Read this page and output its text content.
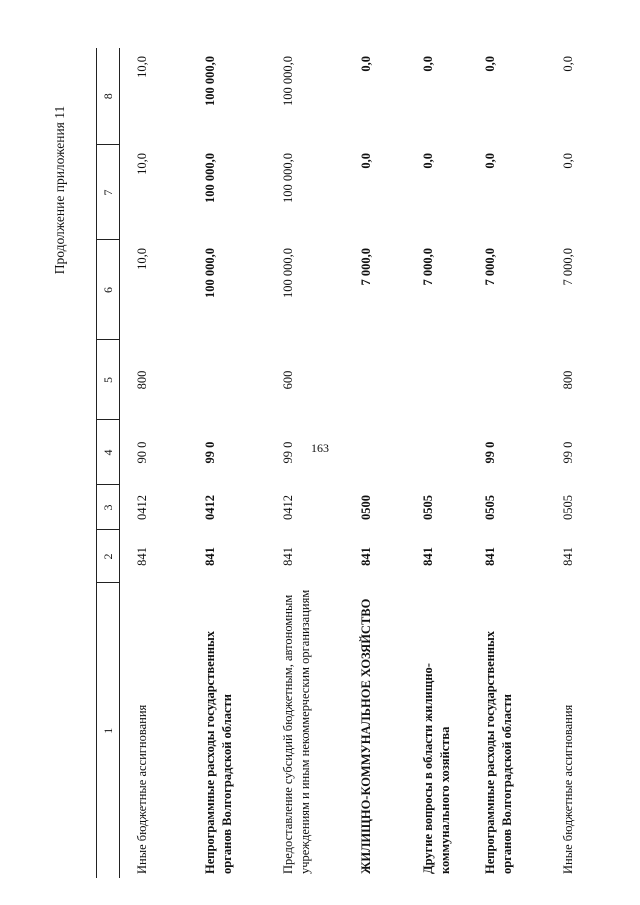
163
Продолжение приложения 11
1	2	3	4	5	6	7	8
Иные бюджетные ассигнования	841	0412	90 0	800	10,0	10,0	10,0
Непрограммные расходы государственных органов Волгоградской области	841	0412	99 0		100 000,0	100 000,0	100 000,0
Предоставление субсидий бюджетным, автономным учреждениям и иным некоммерческим организациям	841	0412	99 0	600	100 000,0	100 000,0	100 000,0
ЖИЛИЩНО-КОММУНАЛЬНОЕ ХОЗЯЙСТВО	841	0500			7 000,0	0,0	0,0
Другие вопросы в области жилищно-коммунального хозяйства	841	0505			7 000,0	0,0	0,0
Непрограммные расходы государственных органов Волгоградской области	841	0505	99 0		7 000,0	0,0	0,0
Иные бюджетные ассигнования	841	0505	99 0	800	7 000,0	0,0	0,0
